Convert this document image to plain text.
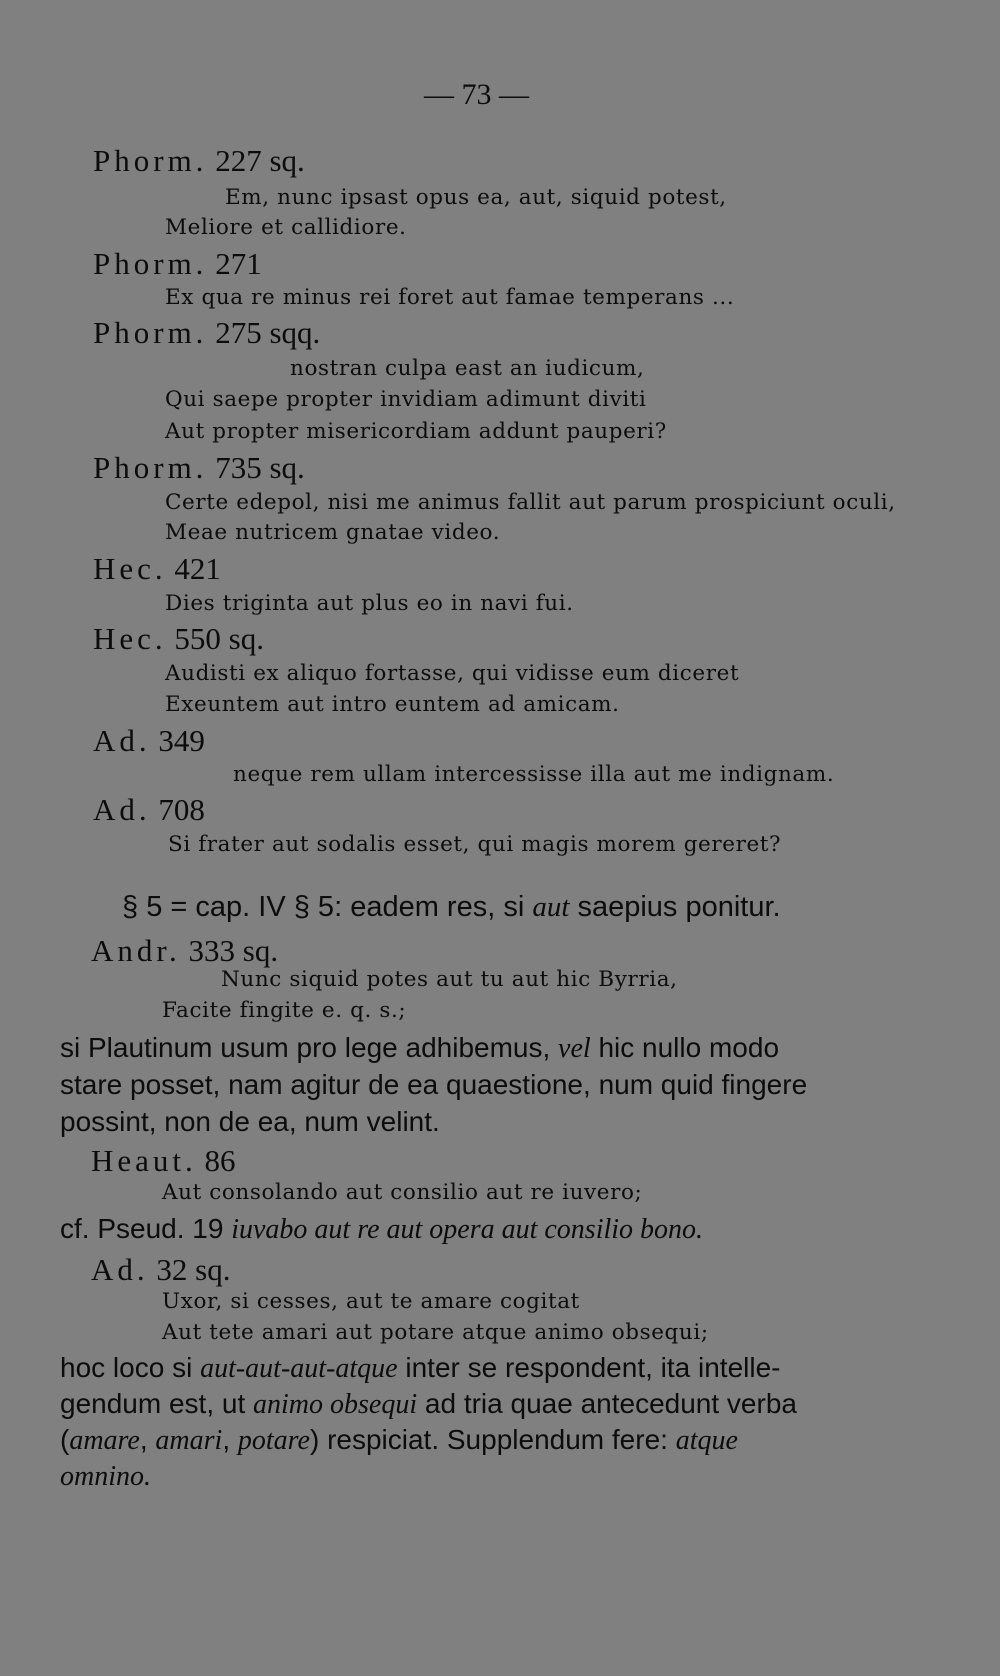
— 73 —
Phorm. 227 sq.
Em, nunc ipsast opus ea, aut, siquid potest,
Meliore et callidiore.
Phorm. 271
Ex qua re minus rei foret aut famae temperans ...
Phorm. 275 sqq.
nostran culpa east an iudicum,
Qui saepe propter invidiam adimunt diviti
Aut propter misericordiam addunt pauperi?
Phorm. 735 sq.
Certe edepol, nisi me animus fallit aut parum prospiciunt oculi,
Meae nutricem gnatae video.
Hec. 421
Dies triginta aut plus eo in navi fui.
Hec. 550 sq.
Audisti ex aliquo fortasse, qui vidisse eum diceret
Exeuntem aut intro euntem ad amicam.
Ad. 349
neque rem ullam intercessisse illa aut me indignam.
Ad. 708
Si frater aut sodalis esset, qui magis morem gereret?
§ 5 = cap. IV § 5: eadem res, si aut saepius ponitur.
Andr. 333 sq.
Nunc siquid potes aut tu aut hic Byrria,
Facite fingite e. q. s.;
si Plautinum usum pro lege adhibemus, vel hic nullo modo
stare posset, nam agitur de ea quaestione, num quid fingere
possint, non de ea, num velint.
Heaut. 86
Aut consolando aut consilio aut re iuvero;
cf. Pseud. 19 iuvabo aut re aut opera aut consilio bono.
Ad. 32 sq.
Uxor, si cesses, aut te amare cogitat
Aut tete amari aut potare atque animo obsequi;
hoc loco si aut-aut-aut-atque inter se respondent, ita intelle-
gendum est, ut animo obsequi ad tria quae antecedunt verba
(amare, amari, potare) respiciat. Supplendum fere: atque
omnino.
